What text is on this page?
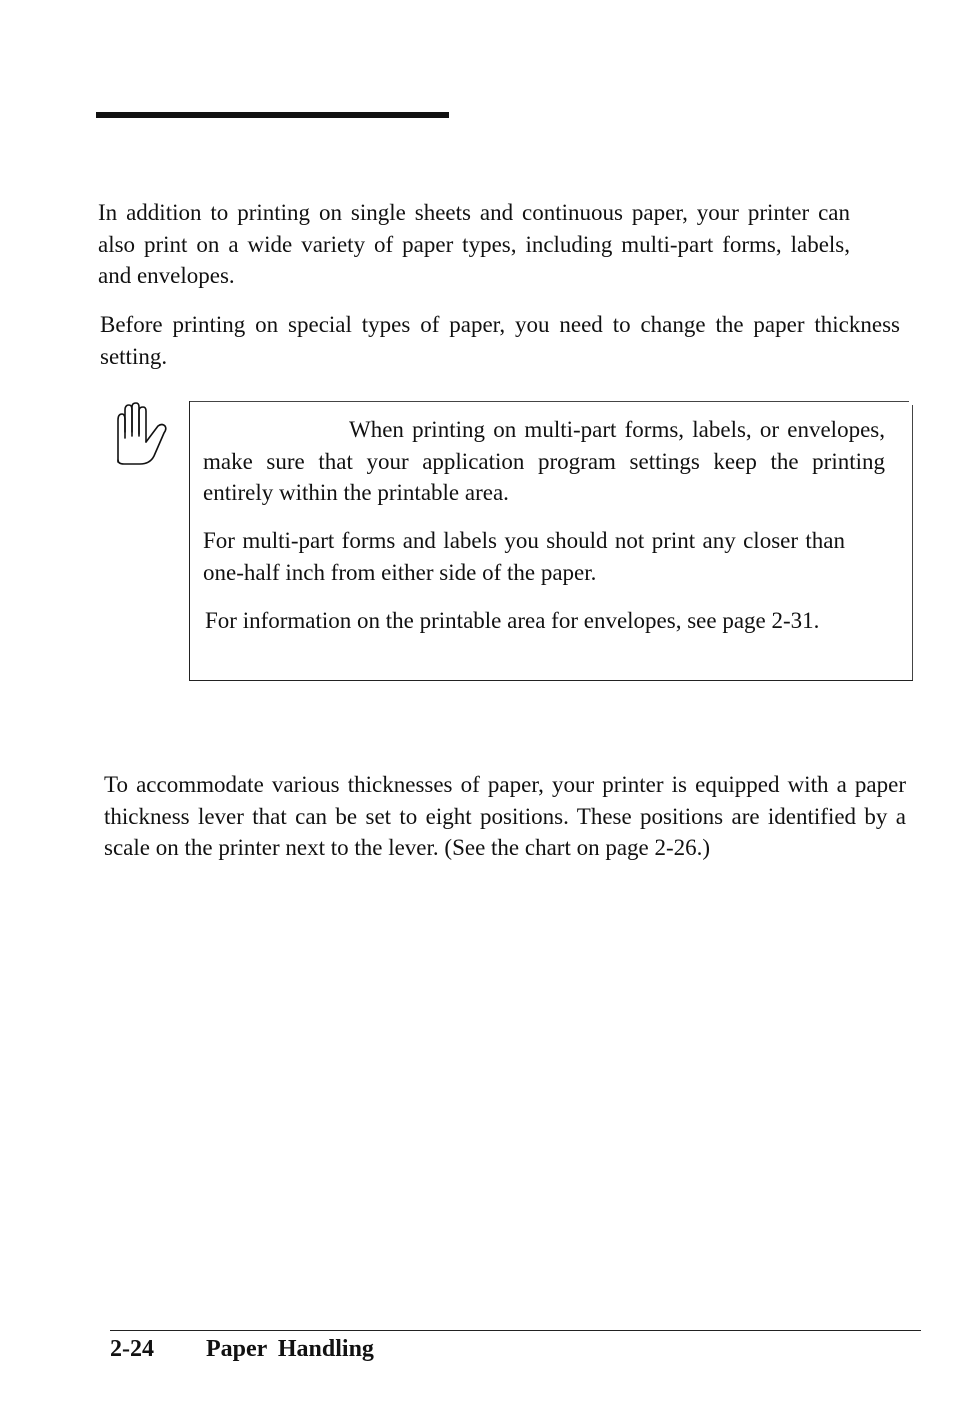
In addition to printing on single sheets and continuous paper, your printer can also print on a wide variety of paper types, including multi-part forms, labels, and envelopes.

Before printing on special types of paper, you need to change the paper thickness setting.

When printing on multi-part forms, labels, or envelopes, make sure that your application program settings keep the printing entirely within the printable area.

For multi-part forms and labels you should not print any closer than one-half inch from either side of the paper.

For information on the printable area for envelopes, see page 2-31.

To accommodate various thicknesses of paper, your printer is equipped with a paper thickness lever that can be set to eight positions. These positions are identified by a scale on the printer next to the lever. (See the chart on page 2-26.)

2-24 Paper Handling
